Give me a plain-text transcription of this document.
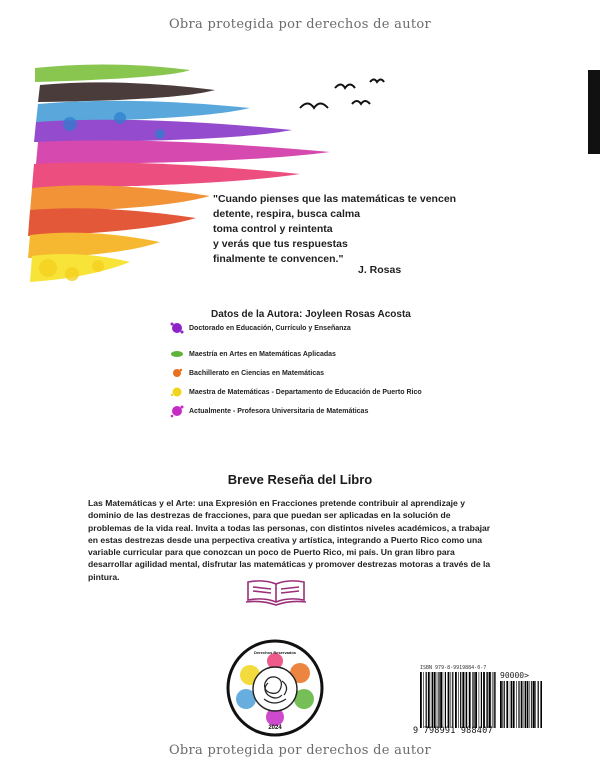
Obra protegida por derechos de autor
"Cuando pienses que las matemáticas te vencen
detente, respira, busca calma
toma control y reintenta
y verás que tus respuestas
finalmente te convencen."
J. Rosas
Datos de la Autora: Joyleen Rosas Acosta
Doctorado en Educación, Currículo y Enseñanza
Maestría en Artes en Matemáticas Aplicadas
Bachillerato en Ciencias en Matemáticas
Maestra de Matemáticas - Departamento de Educación de Puerto Rico
Actualmente - Profesora Universitaria de Matemáticas
Breve Reseña del Libro

Las Matemáticas y el Arte: una Expresión en Fracciones pretende contribuir al aprendizaje y dominio de las destrezas de fracciones, para que puedan ser aplicadas en la solución de problemas de la vida real. Invita a todas las personas, con distintos niveles académicos, a trabajar en estas destrezas desde una perpectiva creativa y artística, integrando a Puerto Rico como una variable curricular para que conozcan un poco de Puerto Rico, mi país. Un gran libro para desarrollar agilidad mental, disfrutar las matemáticas y promover destrezas motoras a través de la pintura.

Derechos Reservados
2024
ISBN 979-8-9919884-0-7
90000>
9 798991 988407
Obra protegida por derechos de autor
